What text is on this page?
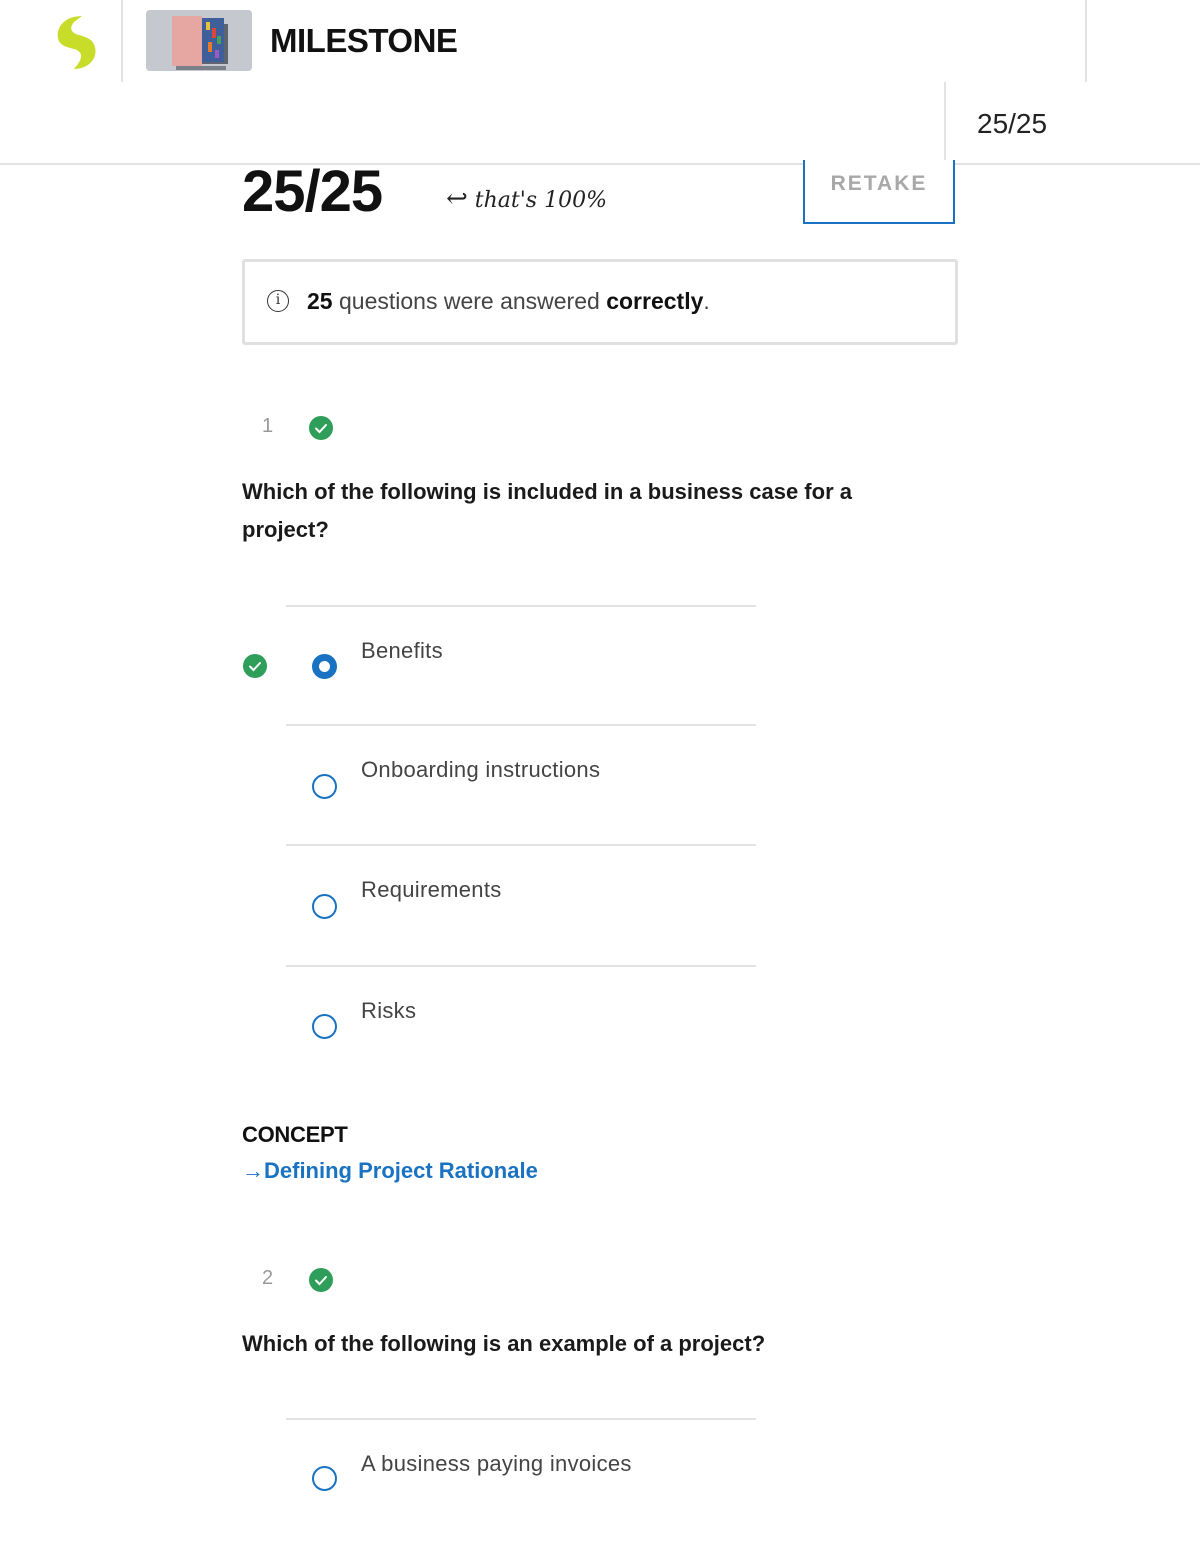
MILESTONE
25/25
25/25 ↩ that's 100%
RETAKE
i	25 questions were answered correctly.
1
Which of the following is included in a business case for a project?
Benefits
Onboarding instructions
Requirements
Risks
CONCEPT
→Defining Project Rationale
2
Which of the following is an example of a project?
A business paying invoices
